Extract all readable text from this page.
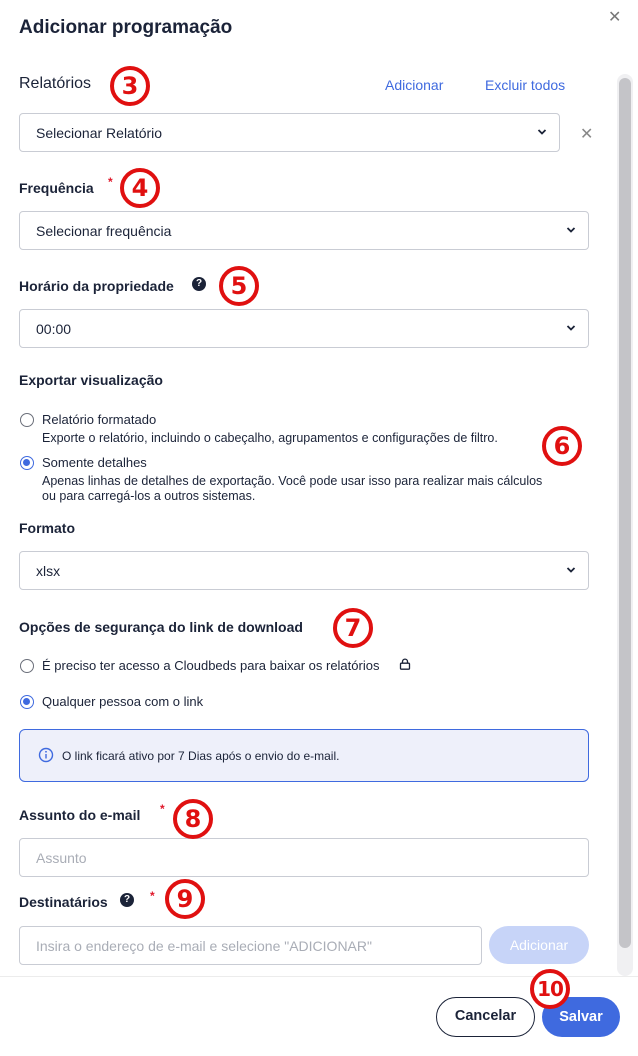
Adicionar programação	✕
Relatórios	Adicionar	Excluir todos
Selecionar Relatório	✕
Frequência *
Selecionar frequência
Horário da propriedade	?
00:00
Exportar visualização
Relatório formatado
Exporte o relatório, incluindo o cabeçalho, agrupamentos e configurações de filtro.
Somente detalhes
Apenas linhas de detalhes de exportação. Você pode usar isso para realizar mais cálculos
ou para carregá-los a outros sistemas.
Formato
xlsx
Opções de segurança do link de download
É preciso ter acesso a Cloudbeds para baixar os relatórios
Qualquer pessoa com o link
O link ficará ativo por 7 Dias após o envio do e-mail.
Assunto do e-mail *
Assunto
Destinatários	?	*
Insira o endereço de e-mail e selecione "ADICIONAR"
Adicionar
Cancelar	Salvar
3
4
5
6
7
8
9
10
